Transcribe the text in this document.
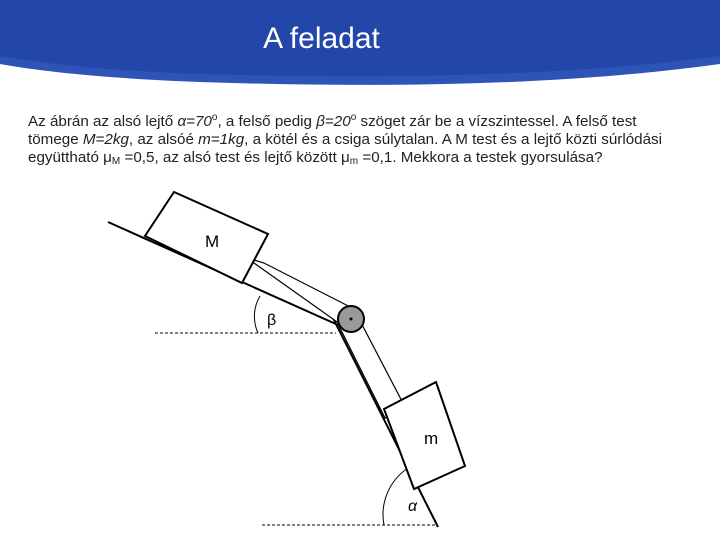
A feladat
Az ábrán az alsó lejtő $\alpha=70^o$, a felső pedig $\beta=20^o$ szöget zár be a vízszintessel. A felső test tömege M=2kg, az alsóé m=1kg, a kötél és a csiga súlytalan. A M test és a lejtő közti súrlódási együttható $\mu_M =0,5$, az alsó test és lejtő között $\mu_m =0,1$. Mekkora a testek gyorsulása?
M
m
β
α
